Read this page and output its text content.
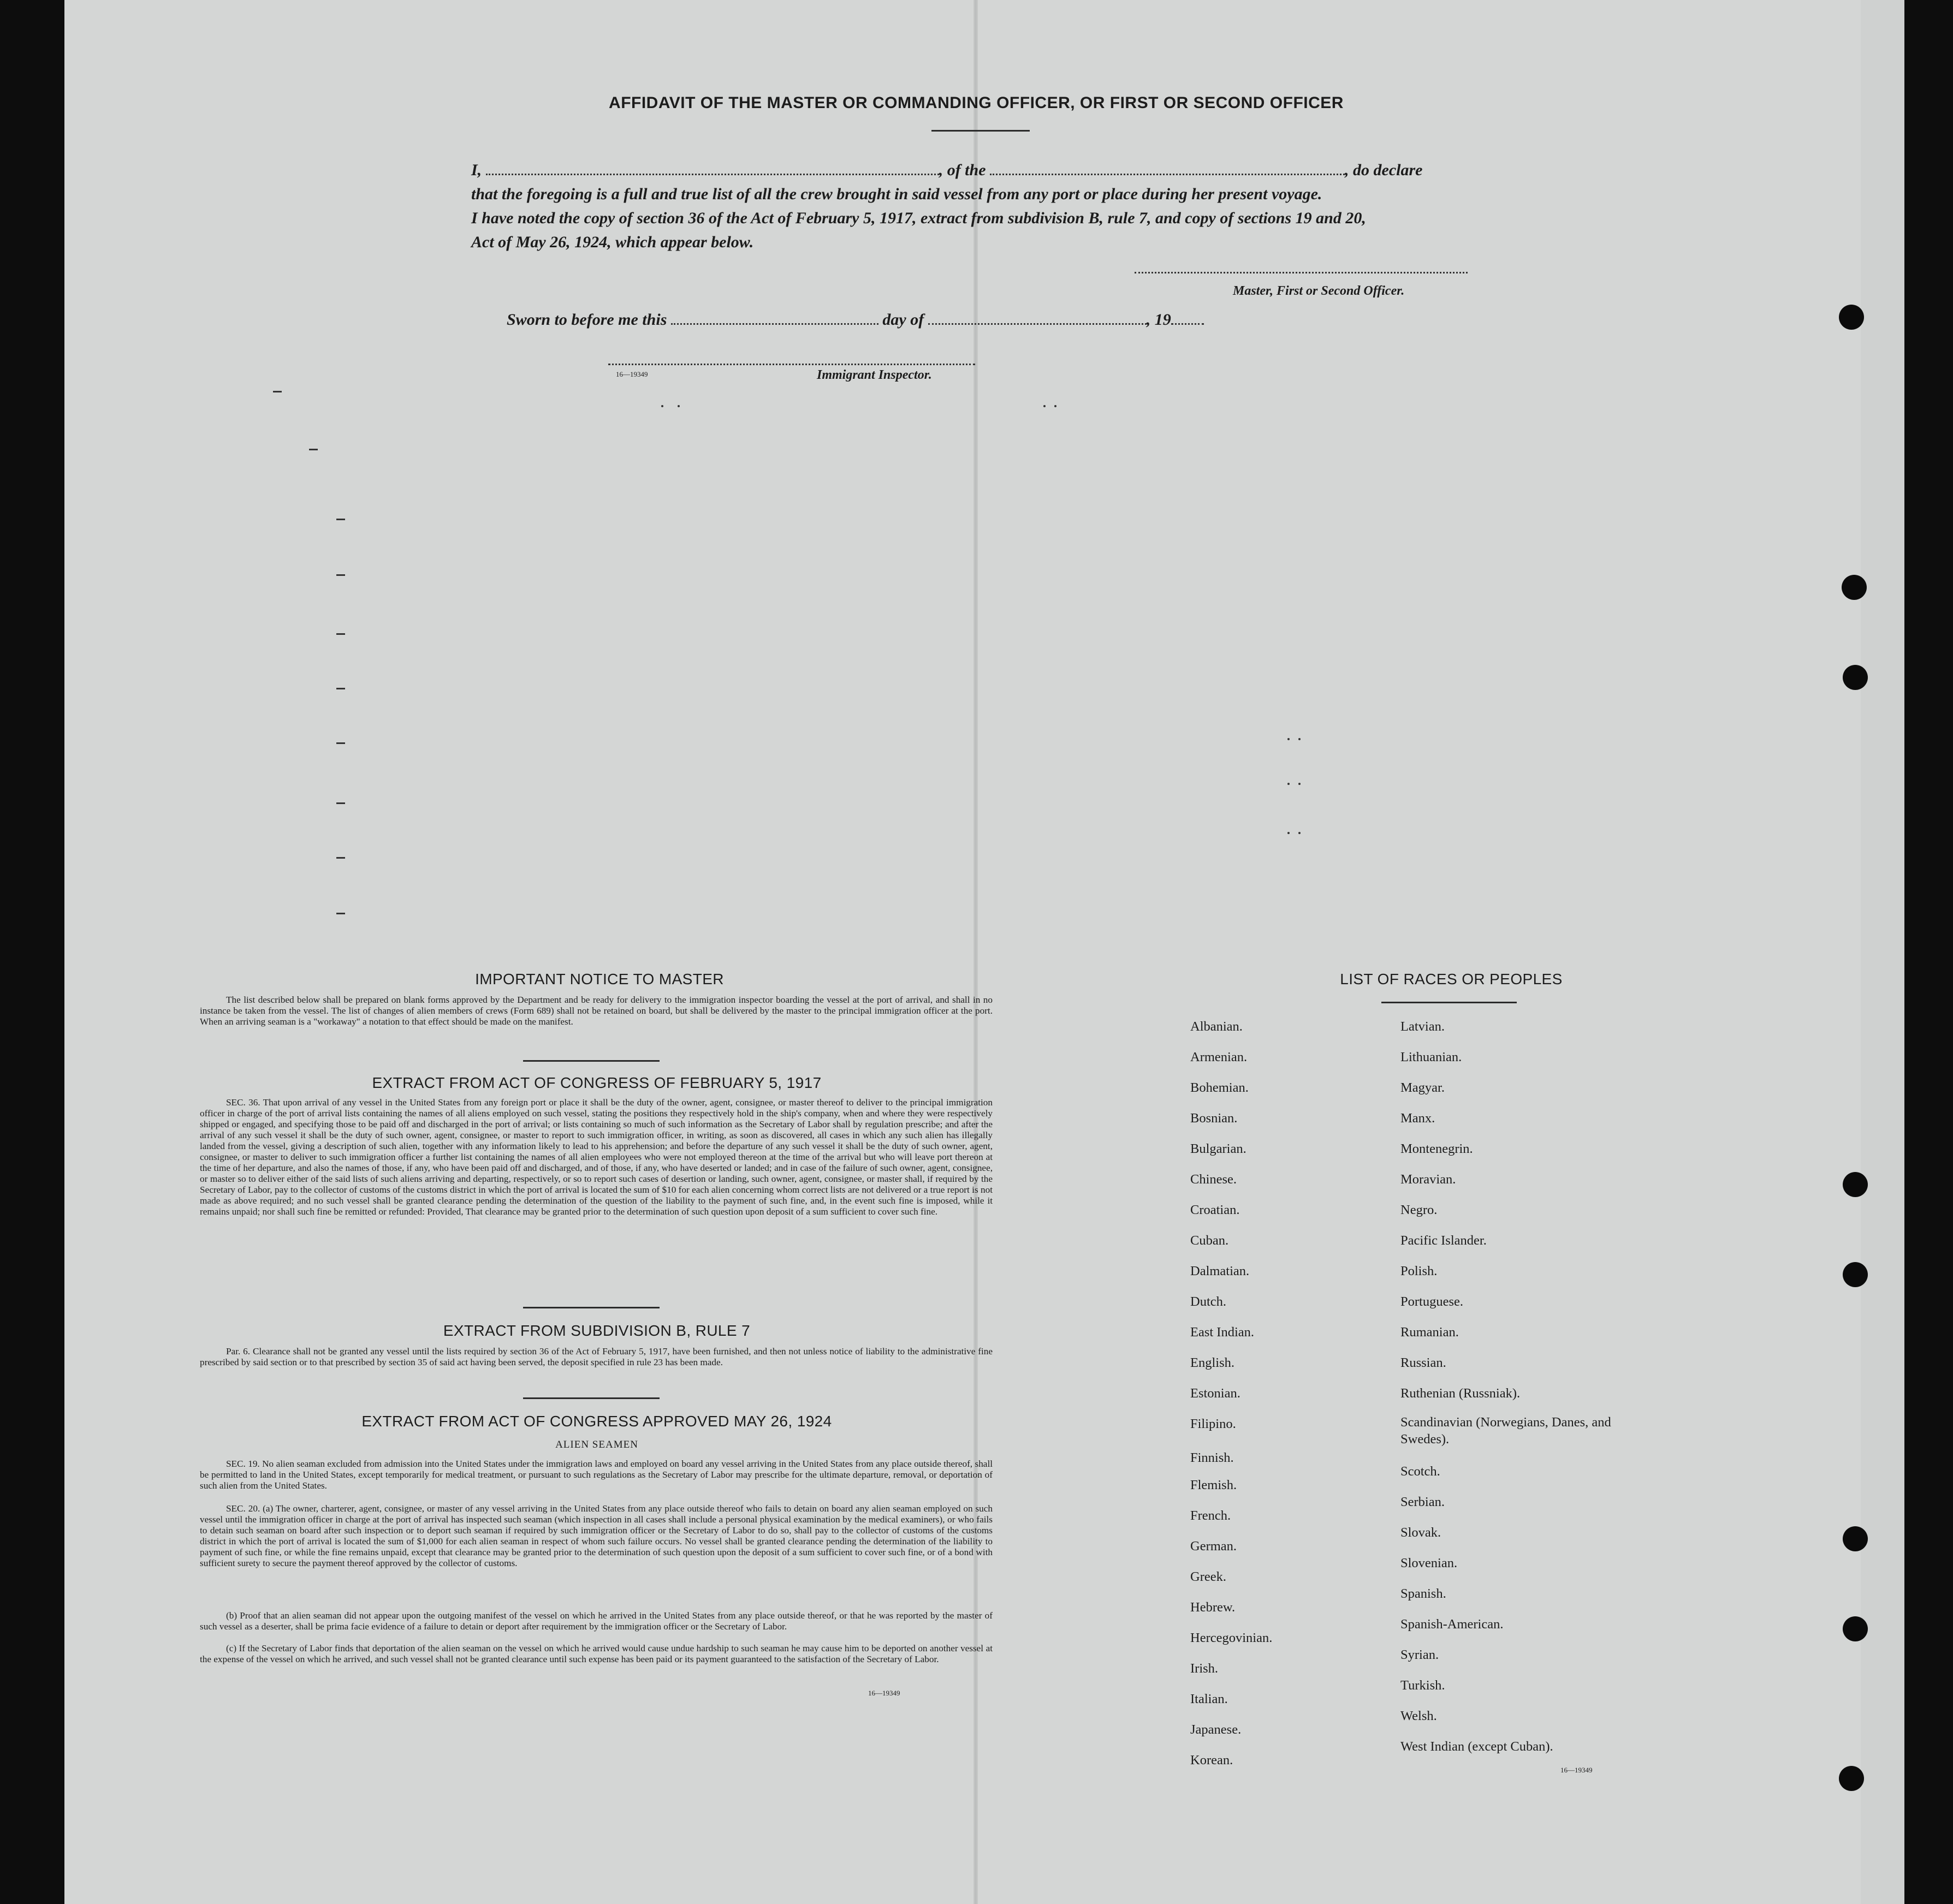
AFFIDAVIT OF THE MASTER OR COMMANDING OFFICER, OR FIRST OR SECOND OFFICER
I,	, of the	, do declare
that the foregoing is a full and true list of all the crew brought in said vessel from any port or place during her present voyage.
I have noted the copy of section 36 of the Act of February 5, 1917, extract from subdivision B, rule 7, and copy of sections 19 and 20,
Act of May 26, 1924, which appear below.
Master, First or Second Officer.
Sworn to before me this	day of	, 19
16—19349	Immigrant Inspector.
IMPORTANT NOTICE TO MASTER
The list described below shall be prepared on blank forms approved by the Department and be ready for delivery to the immigration inspector boarding the vessel at the port of arrival, and shall in no instance be taken from the vessel. The list of changes of alien members of crews (Form 689) shall not be retained on board, but shall be delivered by the master to the principal immigration officer at the port. When an arriving seaman is a "workaway" a notation to that effect should be made on the manifest.
EXTRACT FROM ACT OF CONGRESS OF FEBRUARY 5, 1917
SEC. 36. That upon arrival of any vessel in the United States from any foreign port or place it shall be the duty of the owner, agent, consignee, or master thereof to deliver to the principal immigration officer in charge of the port of arrival lists containing the names of all aliens employed on such vessel, stating the positions they respectively hold in the ship's company, when and where they were respectively shipped or engaged, and specifying those to be paid off and discharged in the port of arrival; or lists containing so much of such information as the Secretary of Labor shall by regulation prescribe; and after the arrival of any such vessel it shall be the duty of such owner, agent, consignee, or master to report to such immigration officer, in writing, as soon as discovered, all cases in which any such alien has illegally landed from the vessel, giving a description of such alien, together with any information likely to lead to his apprehension; and before the departure of any such vessel it shall be the duty of such owner, agent, consignee, or master to deliver to such immigration officer a further list containing the names of all alien employees who were not employed thereon at the time of the arrival but who will leave port thereon at the time of her departure, and also the names of those, if any, who have been paid off and discharged, and of those, if any, who have deserted or landed; and in case of the failure of such owner, agent, consignee, or master so to deliver either of the said lists of such aliens arriving and departing, respectively, or so to report such cases of desertion or landing, such owner, agent, consignee, or master shall, if required by the Secretary of Labor, pay to the collector of customs of the customs district in which the port of arrival is located the sum of $10 for each alien concerning whom correct lists are not delivered or a true report is not made as above required; and no such vessel shall be granted clearance pending the determination of the question of the liability to the payment of such fine, and, in the event such fine is imposed, while it remains unpaid; nor shall such fine be remitted or refunded: Provided, That clearance may be granted prior to the determination of such question upon deposit of a sum sufficient to cover such fine.
EXTRACT FROM SUBDIVISION B, RULE 7
Par. 6. Clearance shall not be granted any vessel until the lists required by section 36 of the Act of February 5, 1917, have been furnished, and then not unless notice of liability to the administrative fine prescribed by said section or to that prescribed by section 35 of said act having been served, the deposit specified in rule 23 has been made.
EXTRACT FROM ACT OF CONGRESS APPROVED MAY 26, 1924
ALIEN SEAMEN
SEC. 19. No alien seaman excluded from admission into the United States under the immigration laws and employed on board any vessel arriving in the United States from any place outside thereof, shall be permitted to land in the United States, except temporarily for medical treatment, or pursuant to such regulations as the Secretary of Labor may prescribe for the ultimate departure, removal, or deportation of such alien from the United States.
SEC. 20. (a) The owner, charterer, agent, consignee, or master of any vessel arriving in the United States from any place outside thereof who fails to detain on board any alien seaman employed on such vessel until the immigration officer in charge at the port of arrival has inspected such seaman (which inspection in all cases shall include a personal physical examination by the medical examiners), or who fails to detain such seaman on board after such inspection or to deport such seaman if required by such immigration officer or the Secretary of Labor to do so, shall pay to the collector of customs of the customs district in which the port of arrival is located the sum of $1,000 for each alien seaman in respect of whom such failure occurs. No vessel shall be granted clearance pending the determination of the liability to payment of such fine, or while the fine remains unpaid, except that clearance may be granted prior to the determination of such question upon the deposit of a sum sufficient to cover such fine, or of a bond with sufficient surety to secure the payment thereof approved by the collector of customs.
(b) Proof that an alien seaman did not appear upon the outgoing manifest of the vessel on which he arrived in the United States from any place outside thereof, or that he was reported by the master of such vessel as a deserter, shall be prima facie evidence of a failure to detain or deport after requirement by the immigration officer or the Secretary of Labor.
(c) If the Secretary of Labor finds that deportation of the alien seaman on the vessel on which he arrived would cause undue hardship to such seaman he may cause him to be deported on another vessel at the expense of the vessel on which he arrived, and such vessel shall not be granted clearance until such expense has been paid or its payment guaranteed to the satisfaction of the Secretary of Labor.
16—19349
LIST OF RACES OR PEOPLES
Albanian.
Armenian.
Bohemian.
Bosnian.
Bulgarian.
Chinese.
Croatian.
Cuban.
Dalmatian.
Dutch.
East Indian.
English.
Estonian.
Filipino.
Finnish.
Flemish.
French.
German.
Greek.
Hebrew.
Hercegovinian.
Irish.
Italian.
Japanese.
Korean.
Latvian.
Lithuanian.
Magyar.
Manx.
Montenegrin.
Moravian.
Negro.
Pacific Islander.
Polish.
Portuguese.
Rumanian.
Russian.
Ruthenian (Russniak).
Scandinavian (Norwegians, Danes, and Swedes).
Scotch.
Serbian.
Slovak.
Slovenian.
Spanish.
Spanish-American.
Syrian.
Turkish.
Welsh.
West Indian (except Cuban).
16—19349
